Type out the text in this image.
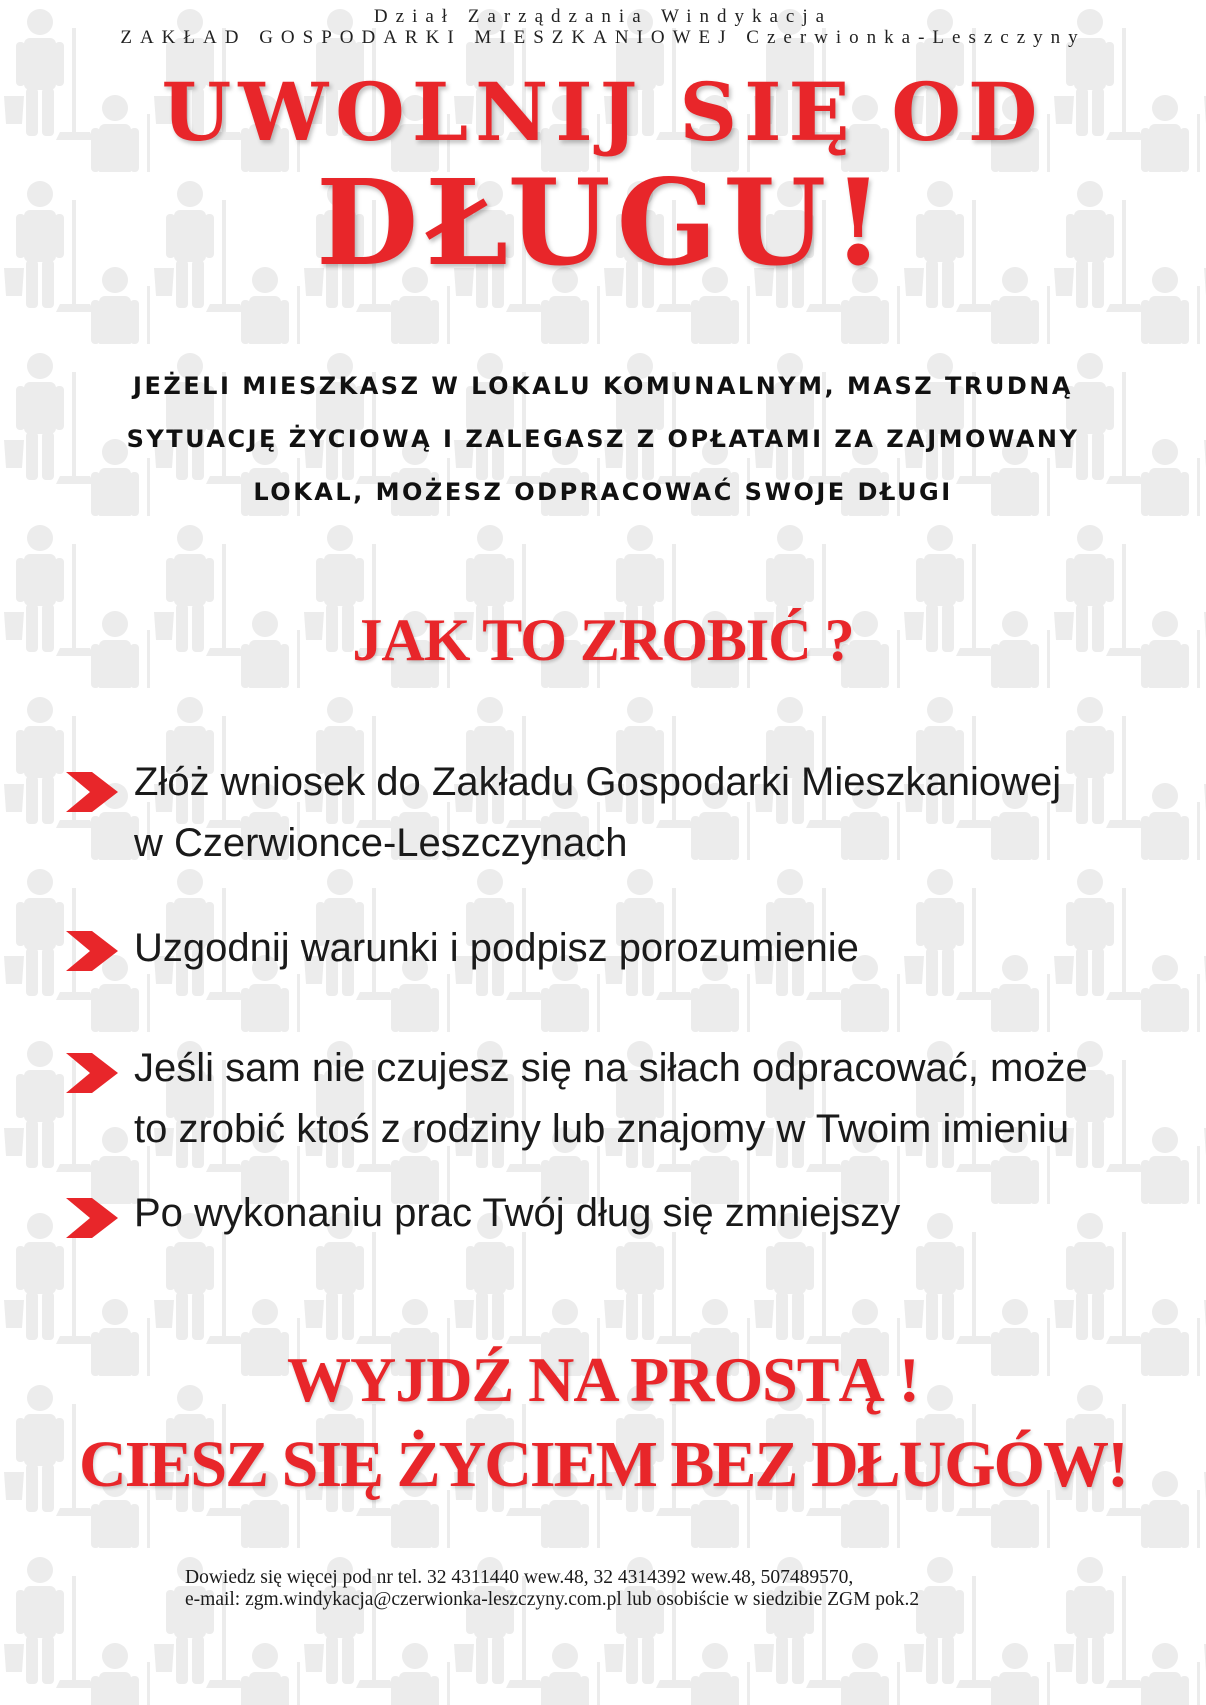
Dział Zarządzania Windykacja
ZAKŁAD GOSPODARKI MIESZKANIOWEJ Czerwionka-Leszczyny
UWOLNIJ SIĘ OD
DŁUGU!
JEŻELI MIESZKASZ W LOKALU KOMUNALNYM, MASZ TRUDNĄ
SYTUACJĘ ŻYCIOWĄ I ZALEGASZ Z OPŁATAMI ZA ZAJMOWANY
LOKAL, MOŻESZ ODPRACOWAĆ SWOJE DŁUGI
JAK TO ZROBIĆ ?
Złóż wniosek do Zakładu Gospodarki Mieszkaniowej
w Czerwionce-Leszczynach
Uzgodnij warunki i podpisz porozumienie
Jeśli sam nie czujesz się na siłach odpracować, może
to zrobić ktoś z rodziny lub znajomy w Twoim imieniu
Po wykonaniu prac Twój dług się zmniejszy
WYJDŹ NA PROSTĄ !
CIESZ SIĘ ŻYCIEM BEZ DŁUGÓW!
Dowiedz się więcej pod nr tel. 32 4311440 wew.48, 32 4314392 wew.48, 507489570,
e-mail: zgm.windykacja@czerwionka-leszczyny.com.pl lub osobiście w siedzibie ZGM pok.2
